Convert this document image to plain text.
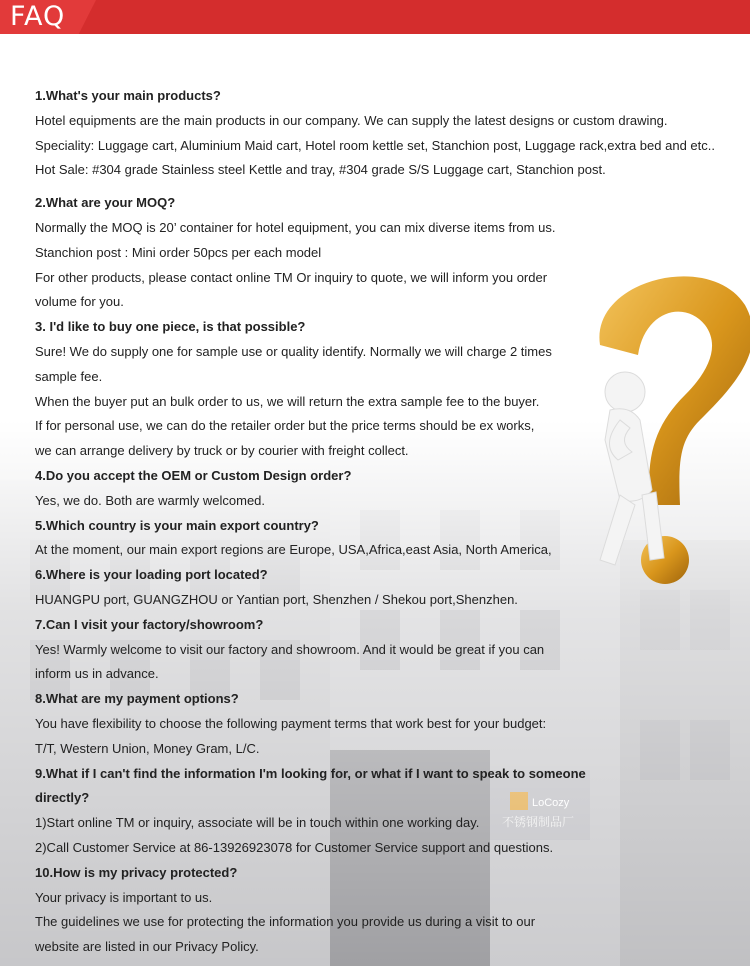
FAQ
1.What's your main products?
Hotel equipments are the main products in our company. We can supply the latest designs or custom drawing.
Speciality: Luggage cart, Aluminium Maid cart, Hotel room kettle set, Stanchion post, Luggage rack,extra bed and etc..
Hot Sale: #304 grade Stainless steel Kettle and tray, #304 grade S/S Luggage cart, Stanchion post.
2.What are your MOQ?
Normally the MOQ is 20’ container for hotel equipment, you can mix diverse items from us.
Stanchion post : Mini order 50pcs per each model
For other products, please contact online TM Or inquiry to quote, we will inform you order
volume for you.
3. I'd like to buy one piece, is that possible?
Sure! We do supply one for sample use or quality identify. Normally we will charge 2 times
sample fee.
When the buyer put an bulk order to us, we will return the extra sample fee to the buyer.
If for personal use, we can do the retailer order but the price terms should be ex works,
we can arrange delivery by truck or by courier with freight collect.
4.Do you accept the OEM or Custom Design order?
Yes, we do. Both are warmly welcomed.
5.Which country is your main export country?
At the moment, our main export regions are Europe, USA,Africa,east Asia, North America,
6.Where is your loading port located?
HUANGPU port, GUANGZHOU or Yantian port, Shenzhen / Shekou port,Shenzhen.
7.Can I visit your factory/showroom?
Yes! Warmly welcome to visit our factory and showroom. And it would be great if you can
inform us in advance.
8.What are my payment options?
You have flexibility to choose the following payment terms that work best for your budget:
T/T, Western Union, Money Gram, L/C.
9.What if I can't find the information I'm looking for, or what if I want to speak to someone
directly?
1)Start online TM or inquiry, associate will be in touch within one working day.
2)Call Customer Service at 86-13926923078 for Customer Service support and questions.
10.How is my privacy protected?
Your privacy is important to us.
The guidelines we use for protecting the information you provide us during a visit to our
website are listed in our Privacy Policy.
